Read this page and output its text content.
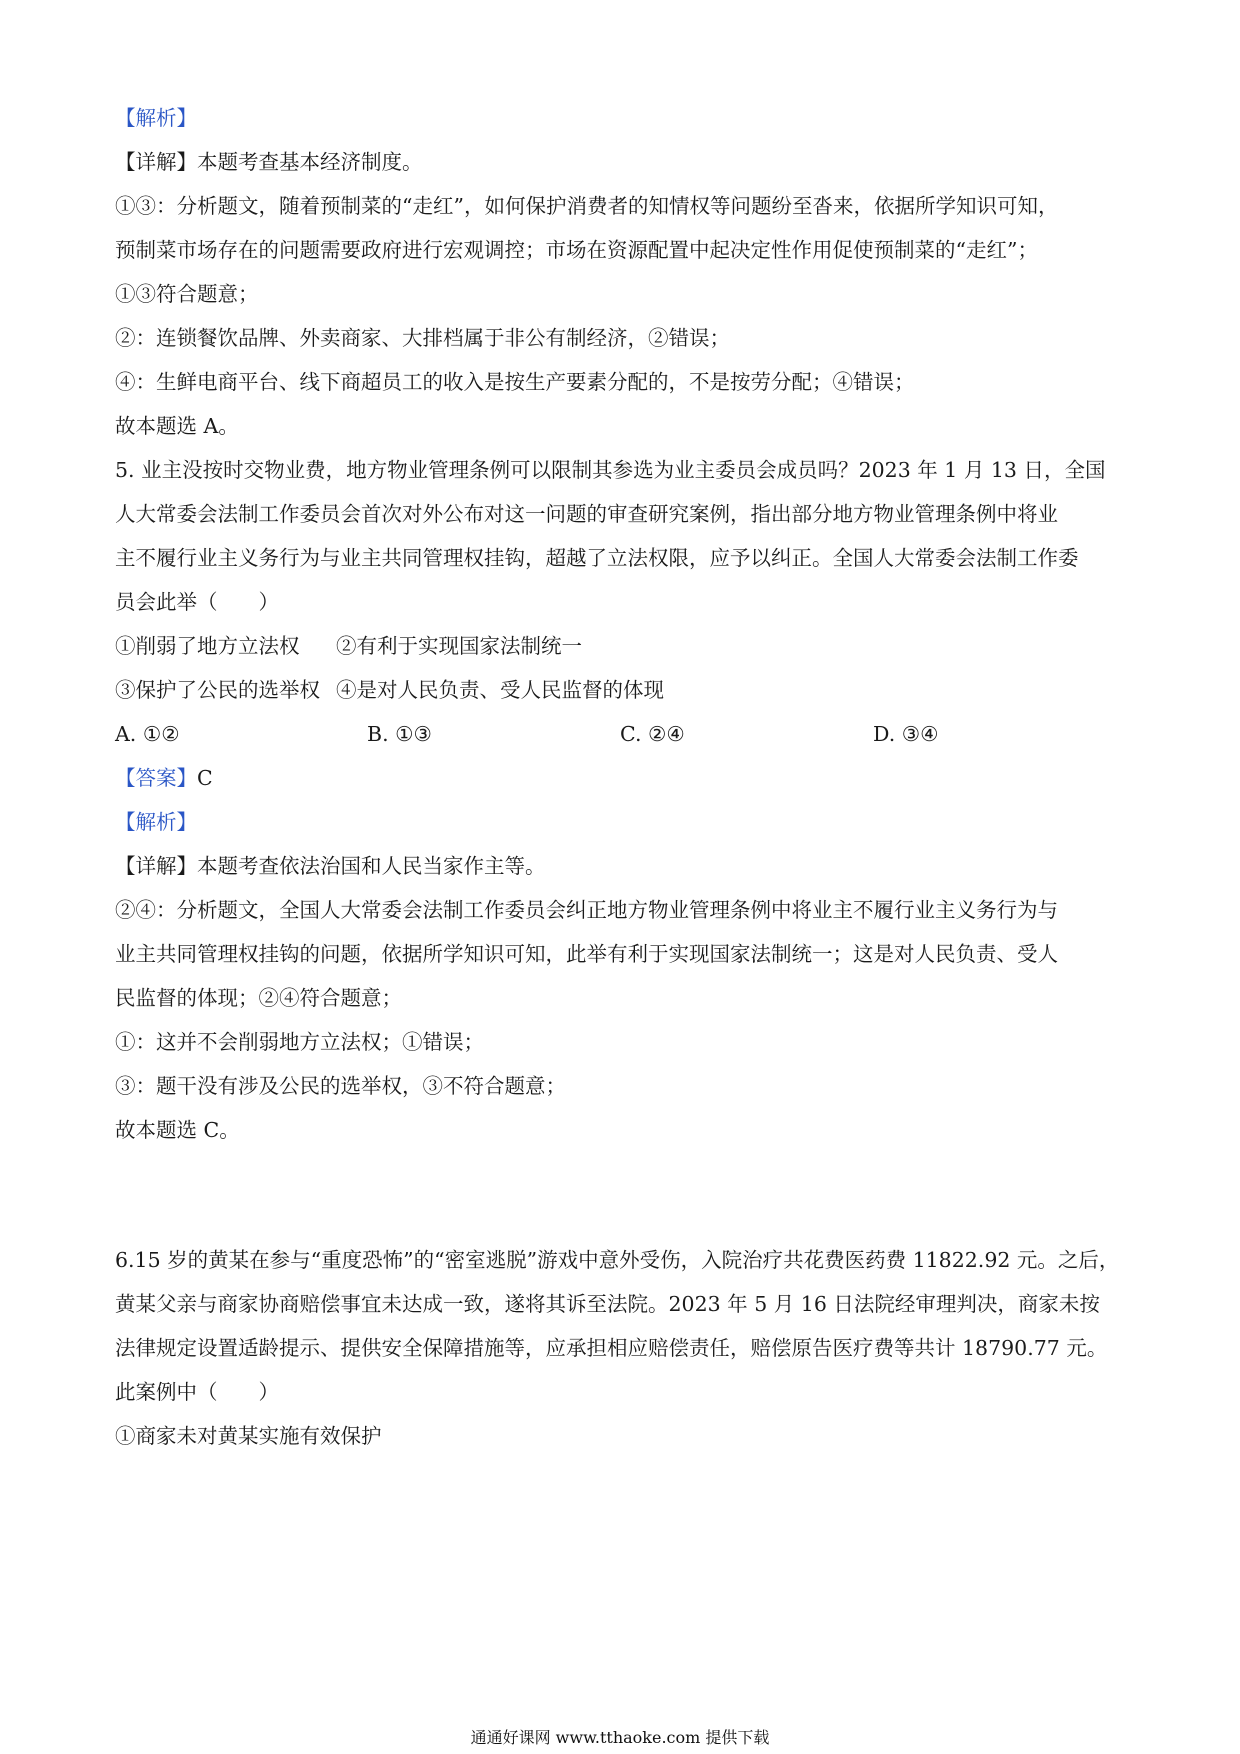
【解析】
【详解】本题考查基本经济制度。
①③：分析题文，随着预制菜的“走红”，如何保护消费者的知情权等问题纷至沓来，依据所学知识可知，
预制菜市场存在的问题需要政府进行宏观调控；市场在资源配置中起决定性作用促使预制菜的“走红”；
①③符合题意；
②：连锁餐饮品牌、外卖商家、大排档属于非公有制经济，②错误；
④：生鲜电商平台、线下商超员工的收入是按生产要素分配的，不是按劳分配；④错误；
故本题选 A。
5. 业主没按时交物业费，地方物业管理条例可以限制其参选为业主委员会成员吗？2023 年 1 月 13 日，全国
人大常委会法制工作委员会首次对外公布对这一问题的审查研究案例，指出部分地方物业管理条例中将业
主不履行业主义务行为与业主共同管理权挂钩，超越了立法权限，应予以纠正。全国人大常委会法制工作委
员会此举（　　）
①削弱了地方立法权 ②有利于实现国家法制统一
③保护了公民的选举权 ④是对人民负责、受人民监督的体现
A. ①②	B. ①③	C. ②④	D. ③④
【答案】C
【解析】
【详解】本题考查依法治国和人民当家作主等。
②④：分析题文，全国人大常委会法制工作委员会纠正地方物业管理条例中将业主不履行业主义务行为与
业主共同管理权挂钩的问题，依据所学知识可知，此举有利于实现国家法制统一；这是对人民负责、受人
民监督的体现；②④符合题意；
①：这并不会削弱地方立法权；①错误；
③：题干没有涉及公民的选举权，③不符合题意；
故本题选 C。
6.15 岁的黄某在参与“重度恐怖”的“密室逃脱”游戏中意外受伤，入院治疗共花费医药费 11822.92 元。之后，
黄某父亲与商家协商赔偿事宜未达成一致，遂将其诉至法院。2023 年 5 月 16 日法院经审理判决，商家未按
法律规定设置适龄提示、提供安全保障措施等，应承担相应赔偿责任，赔偿原告医疗费等共计 18790.77 元。
此案例中（　　）
①商家未对黄某实施有效保护
通通好课网 www.tthaoke.com 提供下载
